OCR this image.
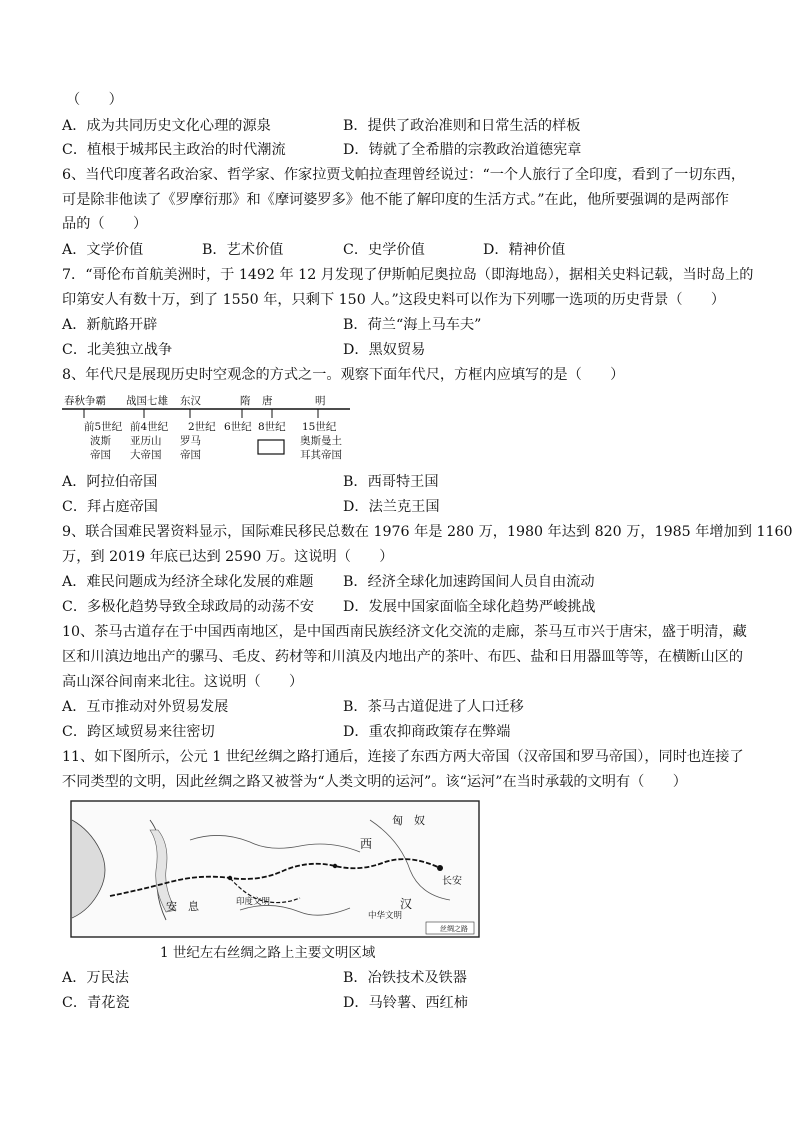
（　　）
A．成为共同历史文化心理的源泉	B．提供了政治准则和日常生活的样板
C．植根于城邦民主政治的时代潮流	D．铸就了全希腊的宗教政治道德宪章
6、当代印度著名政治家、哲学家、作家拉贾戈帕拉查理曾经说过：“一个人旅行了全印度，看到了一切东西，
可是除非他读了《罗摩衍那》和《摩诃婆罗多》他不能了解印度的生活方式。”在此，他所要强调的是两部作
品的（　　）
A．文学价值	B．艺术价值	C．史学价值	D．精神价值
7．“哥伦布首航美洲时，于 1492 年 12 月发现了伊斯帕尼奥拉岛（即海地岛），据相关史料记载，当时岛上的
印第安人有数十万，到了 1550 年，只剩下 150 人。”这段史料可以作为下列哪一选项的历史背景（　　）
A．新航路开辟	B．荷兰“海上马车夫”
C．北美独立战争	D．黑奴贸易
8、年代尺是展现历史时空观念的方式之一。观察下面年代尺，方框内应填写的是（　　）
春秋争霸 战国七雄 东汉	隋 唐	明
前5世纪 前4世纪 2世纪 6世纪 8世纪 15世纪
波斯
帝国
亚历山
大帝国
罗马
帝国
奥斯曼土
耳其帝国
A．阿拉伯帝国	B．西哥特王国
C．拜占庭帝国	D．法兰克王国
9、联合国难民署资料显示，国际难民移民总数在 1976 年是 280 万，1980 年达到 820 万，1985 年增加到 1160
万，到 2019 年底已达到 2590 万。这说明（　　）
A．难民问题成为经济全球化发展的难题 B．经济全球化加速跨国间人员自由流动
C．多极化趋势导致全球政局的动荡不安 D．发展中国家面临全球化趋势严峻挑战
10、茶马古道存在于中国西南地区，是中国西南民族经济文化交流的走廊，茶马互市兴于唐宋，盛于明清，藏
区和川滇边地出产的骡马、毛皮、药材等和川滇及内地出产的茶叶、布匹、盐和日用器皿等等，在横断山区的
高山深谷间南来北往。这说明（　　）
A．互市推动对外贸易发展	B．茶马古道促进了人口迁移
C．跨区域贸易来往密切	D．重农抑商政策存在弊端
11、如下图所示，公元 1 世纪丝绸之路打通后，连接了东西方两大帝国（汉帝国和罗马帝国），同时也连接了
不同类型的文明，因此丝绸之路又被誉为“人类文明的运河”。该“运河”在当时承载的文明有（　　）
匈　奴
西
长安
汉
安　息	印度文明
中华文明
丝绸之路
1 世纪左右丝绸之路上主要文明区域
A．万民法	B．冶铁技术及铁器
C．青花瓷	D．马铃薯、西红柿
